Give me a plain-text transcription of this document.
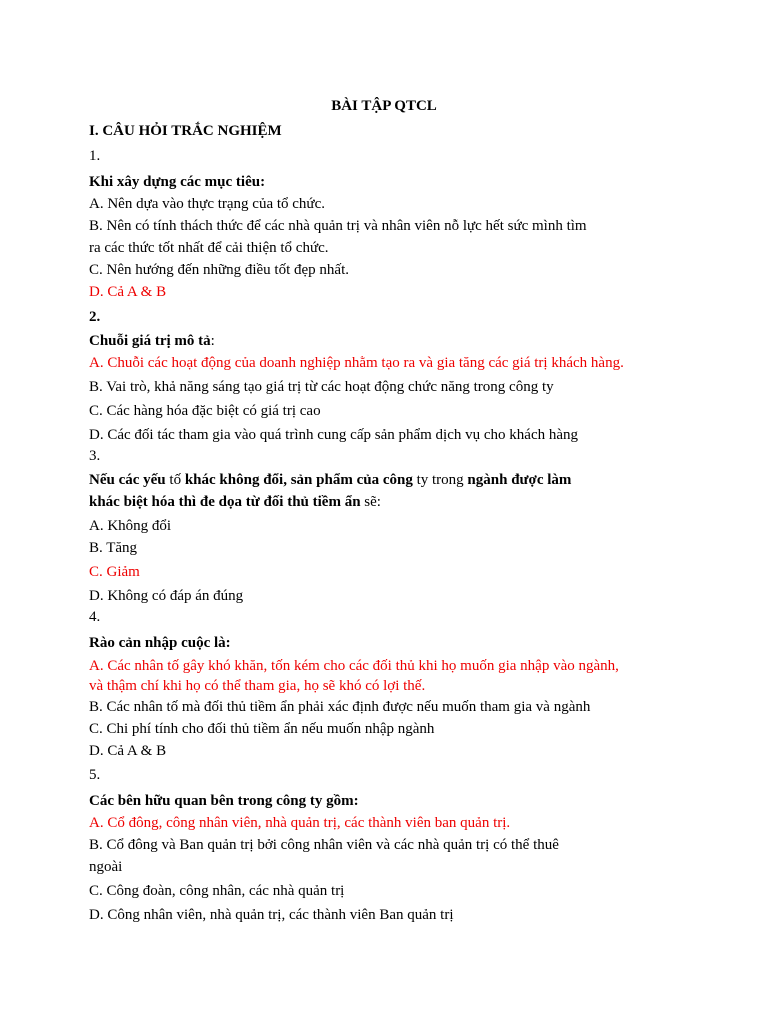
BÀI TẬP QTCL
I. CÂU HỎI TRẮC NGHIỆM
1.
Khi xây dựng các mục tiêu:
A. Nên dựa vào thực trạng của tổ chức.
B. Nên có tính thách thức để các nhà quản trị và nhân viên nỗ lực hết sức mình tìm
ra các thức tốt nhất để cải thiện tổ chức.
C. Nên hướng đến những điều tốt đẹp nhất.
D. Cả A & B
2.
Chuỗi giá trị mô tả:
A. Chuỗi các hoạt động của doanh nghiệp nhằm tạo ra và gia tăng các giá trị khách hàng.
B. Vai trò, khả năng sáng tạo giá trị từ các hoạt động chức năng trong công ty
C. Các hàng hóa đặc biệt có giá trị cao
D. Các đối tác tham gia vào quá trình cung cấp sản phẩm dịch vụ cho khách hàng
3.
Nếu các yếu tố khác không đổi, sản phẩm của công ty trong ngành được làm
khác biệt hóa thì đe dọa từ đối thủ tiềm ẩn sẽ:
A. Không đổi
B. Tăng
C. Giảm
D. Không có đáp án đúng
4.
Rào cản nhập cuộc là:
A. Các nhân tố gây khó khăn, tốn kém cho các đối thủ khi họ muốn gia nhập vào ngành,
và thậm chí khi họ có thể tham gia, họ sẽ khó có lợi thế.
B. Các nhân tố mà đối thủ tiềm ẩn phải xác định được nếu muốn tham gia và ngành
C. Chi phí tính cho đối thủ tiềm ẩn nếu muốn nhập ngành
D. Cả A & B
5.
Các bên hữu quan bên trong công ty gồm:
A. Cổ đông, công nhân viên, nhà quản trị, các thành viên ban quản trị.
B. Cổ đông và Ban quản trị bởi công nhân viên và các nhà quản trị có thể thuê
ngoài
C. Công đoàn, công nhân, các nhà quản trị
D. Công nhân viên, nhà quản trị, các thành viên Ban quản trị
